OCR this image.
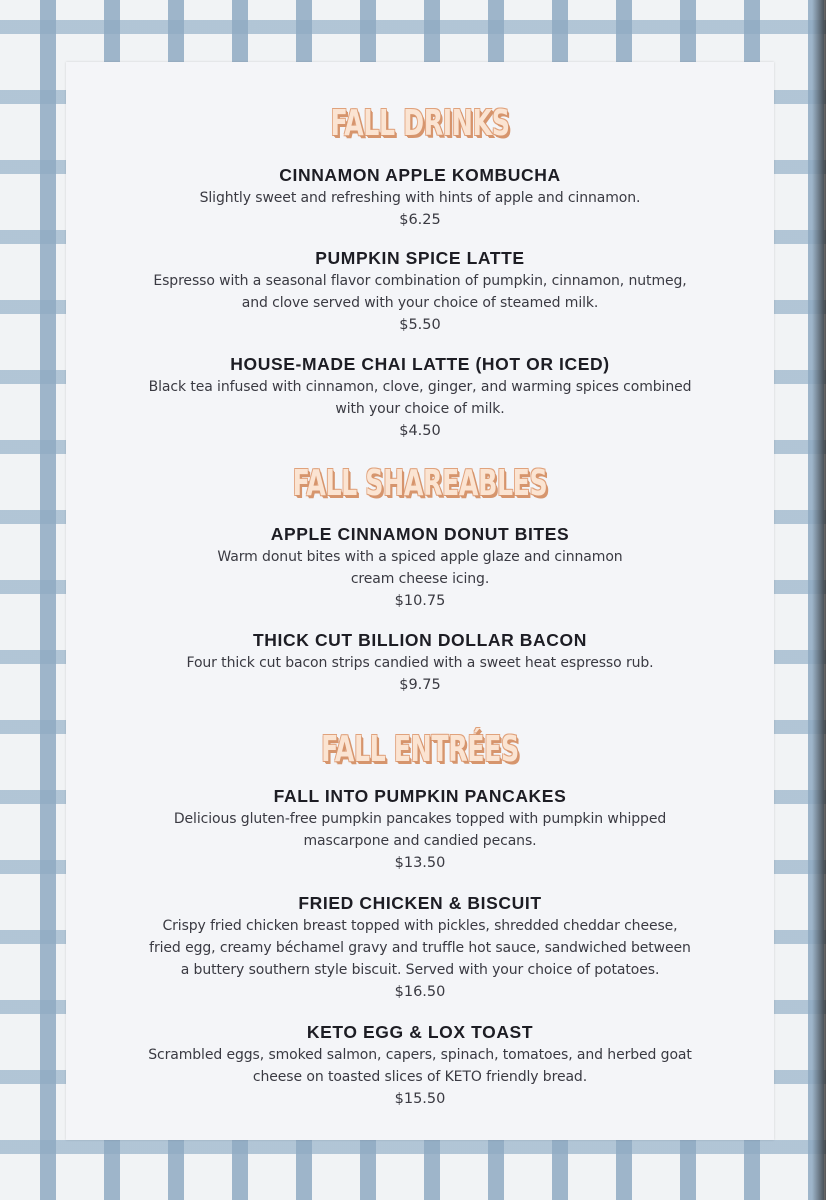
FALL DRINKS
CINNAMON APPLE KOMBUCHA
Slightly sweet and refreshing with hints of apple and cinnamon.
$6.25
PUMPKIN SPICE LATTE
Espresso with a seasonal flavor combination of pumpkin, cinnamon, nutmeg,
and clove served with your choice of steamed milk.
$5.50
HOUSE-MADE CHAI LATTE (HOT OR ICED)
Black tea infused with cinnamon, clove, ginger, and warming spices combined
with your choice of milk.
$4.50
FALL SHAREABLES
APPLE CINNAMON DONUT BITES
Warm donut bites with a spiced apple glaze and cinnamon
cream cheese icing.
$10.75
THICK CUT BILLION DOLLAR BACON
Four thick cut bacon strips candied with a sweet heat espresso rub.
$9.75
FALL ENTRÉES
FALL INTO PUMPKIN PANCAKES
Delicious gluten-free pumpkin pancakes topped with pumpkin whipped
mascarpone and candied pecans.
$13.50
FRIED CHICKEN & BISCUIT
Crispy fried chicken breast topped with pickles, shredded cheddar cheese,
fried egg, creamy béchamel gravy and truffle hot sauce, sandwiched between
a buttery southern style biscuit. Served with your choice of potatoes.
$16.50
KETO EGG & LOX TOAST
Scrambled eggs, smoked salmon, capers, spinach, tomatoes, and herbed goat
cheese on toasted slices of KETO friendly bread.
$15.50
